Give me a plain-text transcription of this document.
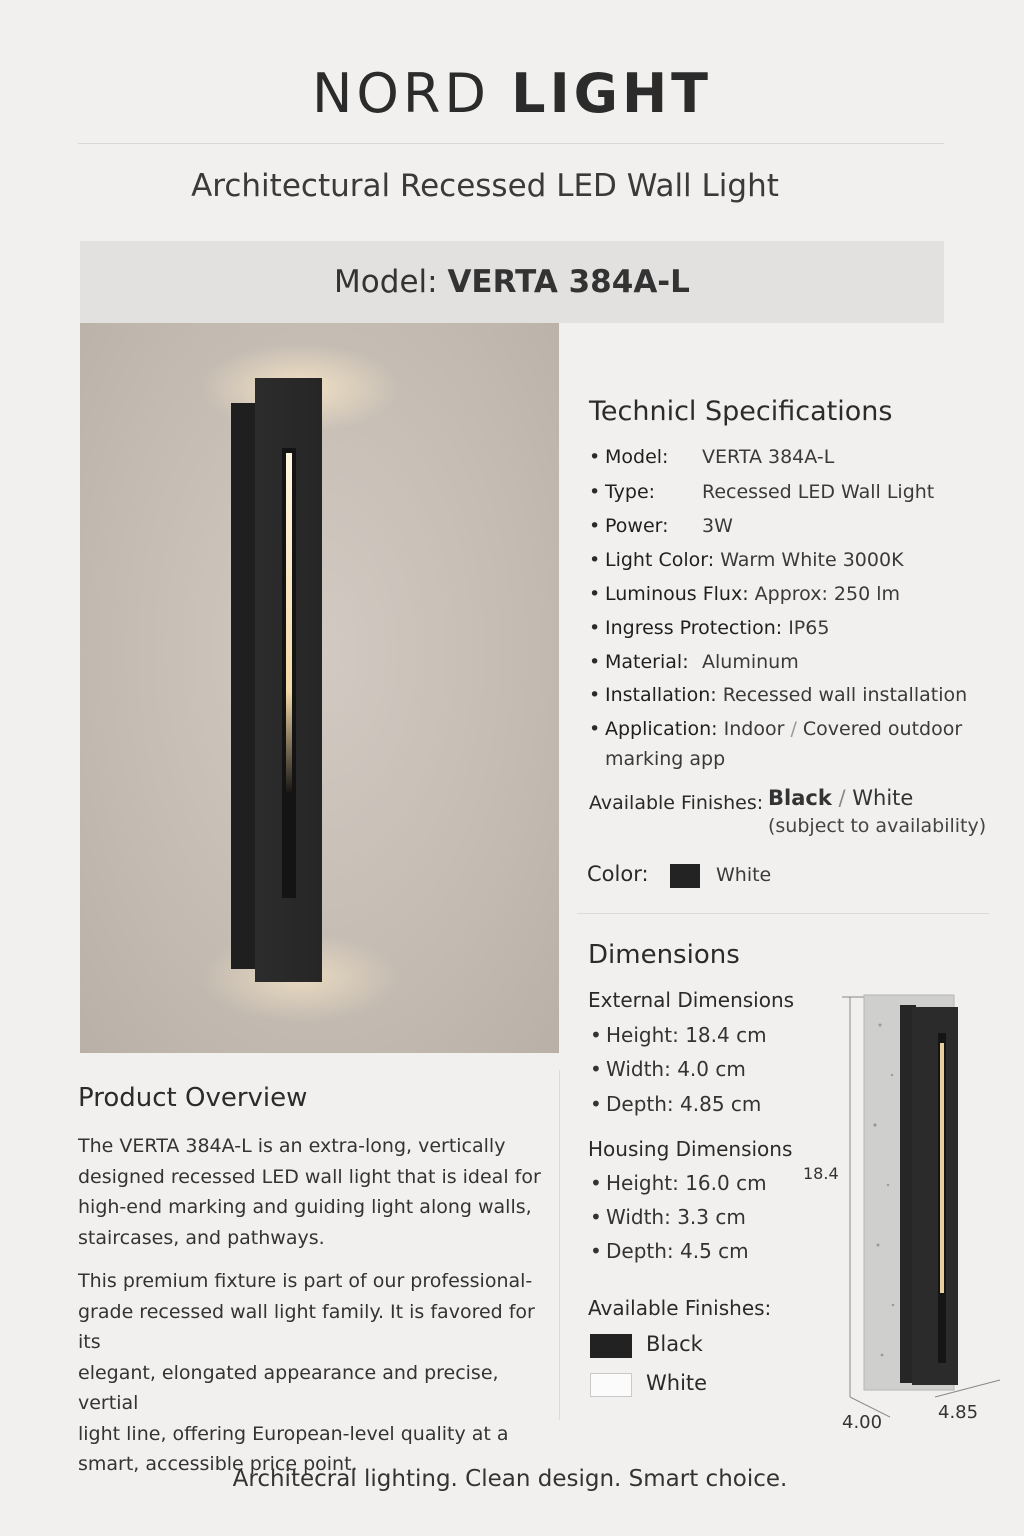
NORD LIGHT
Architectural Recessed LED Wall Light
Model: VERTA 384A-L
Technicl Specifications
• Model: VERTA 384A-L
• Type: Recessed LED Wall Light
• Power: 3W
• Light Color: Warm White 3000K
• Luminous Flux: Approx: 250 lm
• Ingress Protection: IP65
• Material: Aluminum
• Installation: Recessed wall installation
• Application: Indoor / Covered outdoor
marking app
Available Finishes: Black / White
(subject to availability)
Color:	White
Dimensions
External Dimensions
• Height: 18.4 cm
• Width: 4.0 cm
• Depth: 4.85 cm
Housing Dimensions
• Height: 16.0 cm
• Width: 3.3 cm
• Depth: 4.5 cm
Available Finishes:
Black
White
18.4
4.00	4.85
Product Overview
The VERTA 384A-L is an extra-long, vertically
designed recessed LED wall light that is ideal for
high-end marking and guiding light along walls,
staircases, and pathways.
This premium fixture is part of our professional-
grade recessed wall light family. It is favored for its
elegant, elongated appearance and precise, vertial
light line, offering European-level quality at a
smart, accessible price point.
Architecral lighting. Clean design. Smart choice.
